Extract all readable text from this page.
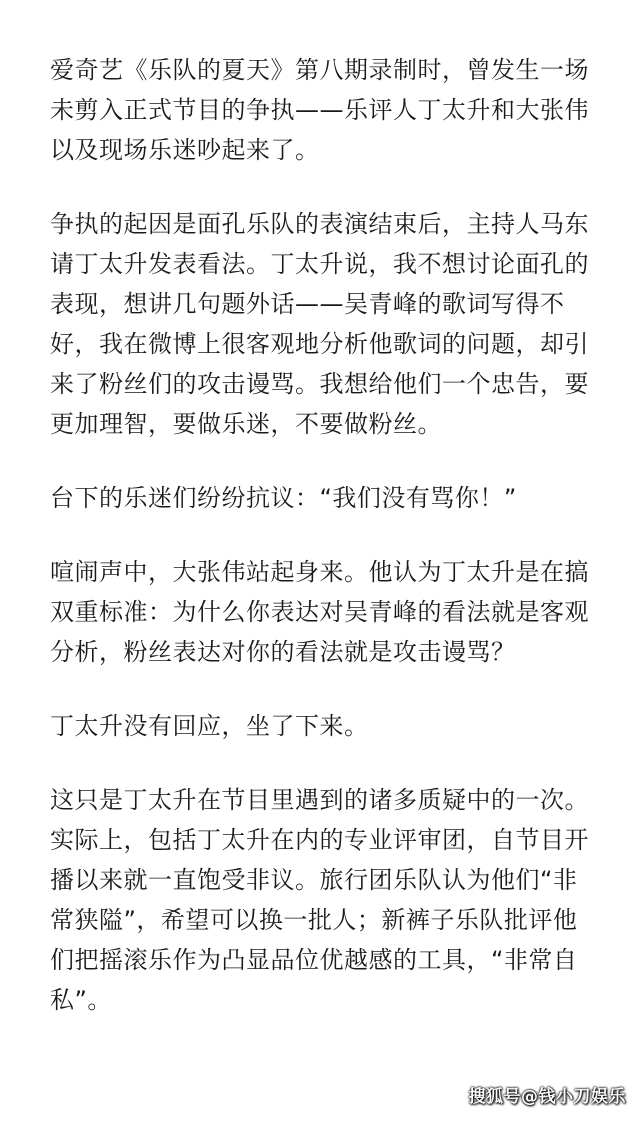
爱奇艺《乐队的夏天》第八期录制时，曾发生一场
未剪入正式节目的争执——乐评人丁太升和大张伟
以及现场乐迷吵起来了。

争执的起因是面孔乐队的表演结束后，主持人马东
请丁太升发表看法。丁太升说，我不想讨论面孔的
表现，想讲几句题外话——吴青峰的歌词写得不
好，我在微博上很客观地分析他歌词的问题，却引
来了粉丝们的攻击谩骂。我想给他们一个忠告，要
更加理智，要做乐迷，不要做粉丝。

台下的乐迷们纷纷抗议：“我们没有骂你！”

喧闹声中，大张伟站起身来。他认为丁太升是在搞
双重标准：为什么你表达对吴青峰的看法就是客观
分析，粉丝表达对你的看法就是攻击谩骂？

丁太升没有回应，坐了下来。

这只是丁太升在节目里遇到的诸多质疑中的一次。
实际上，包括丁太升在内的专业评审团，自节目开
播以来就一直饱受非议。旅行团乐队认为他们“非
常狭隘”，希望可以换一批人；新裤子乐队批评他
们把摇滚乐作为凸显品位优越感的工具，“非常自
私”。

搜狐号@钱小刀娱乐
